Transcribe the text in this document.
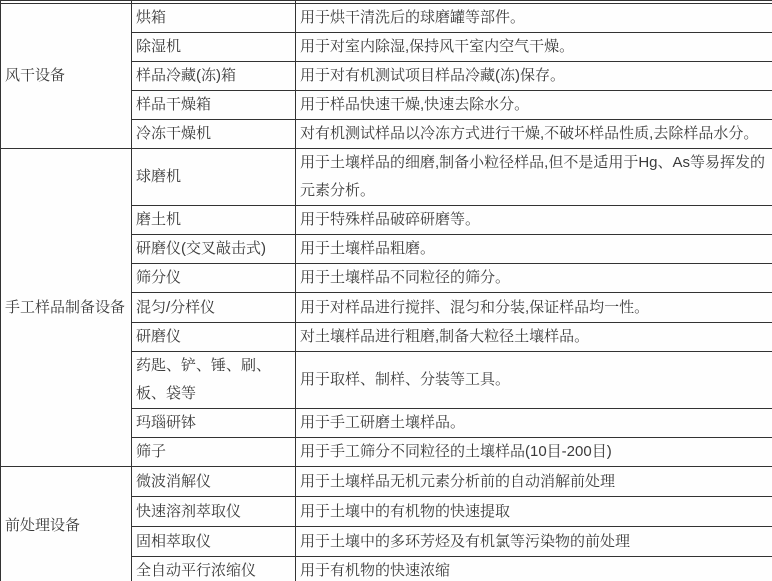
风干设备	烘箱	用于烘干清洗后的球磨罐等部件。
	除湿机	用于对室内除湿,保持风干室内空气干燥。
	样品冷藏(冻)箱	用于对有机测试项目样品冷藏(冻)保存。
	样品干燥箱	用于样品快速干燥,快速去除水分。
	冷冻干燥机	对有机测试样品以冷冻方式进行干燥,不破坏样品性质,去除样品水分。
手工样品制备设备	球磨机	用于土壤样品的细磨,制备小粒径样品,但不是适用于Hg、As等易挥发的元素分析。
	磨土机	用于特殊样品破碎研磨等。
	研磨仪(交叉敲击式)	用于土壤样品粗磨。
	筛分仪	用于土壤样品不同粒径的筛分。
	混匀/分样仪	用于对样品进行搅拌、混匀和分装,保证样品均一性。
	研磨仪	对土壤样品进行粗磨,制备大粒径土壤样品。
	药匙、铲、锤、刷、板、袋等	用于取样、制样、分装等工具。
	玛瑙研钵	用于手工研磨土壤样品。
	筛子	用于手工筛分不同粒径的土壤样品(10目-200目)
前处理设备	微波消解仪	用于土壤样品无机元素分析前的自动消解前处理
	快速溶剂萃取仪	用于土壤中的有机物的快速提取
	固相萃取仪	用于土壤中的多环芳烃及有机氯等污染物的前处理
	全自动平行浓缩仪	用于有机物的快速浓缩
